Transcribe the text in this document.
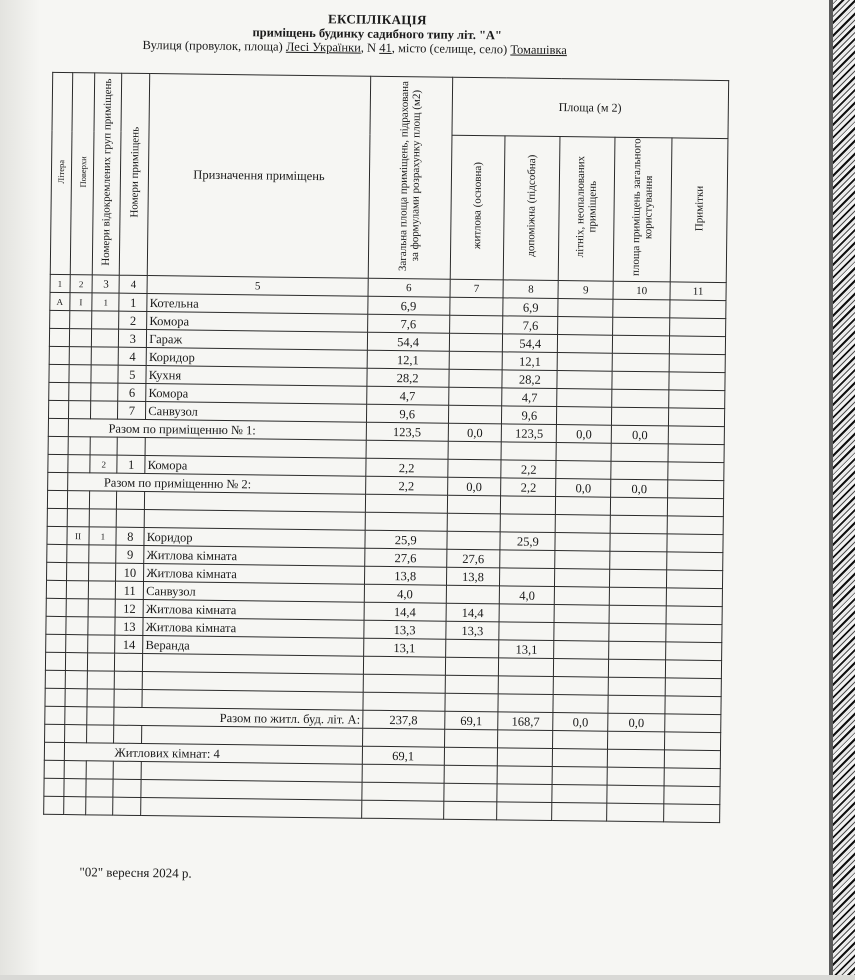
ЕКСПЛІКАЦІЯ
приміщень будинку садибного типу літ. "А"
Вулиця (провулок, площа) Лесі Українки, N 41, місто (селище, село) Томашівка
Літера	Поверхи	Номери відокремлених груп приміщень	Номери приміщень	Призначення приміщень	Загальна площа приміщень, підрахована за формулами розрахунку площ (м2)	Площа (м 2)			
						житлова (основна)	допоміжна (підсобна)	літніх, неопалюваних приміщень	площа приміщень загального користування	Примітки
1	2	3	4	5	6	7	8	9	10	11
А	I	1	1	Котельна	6,9		6,9			
			2	Комора	7,6		7,6			
			3	Гараж	54,4		54,4			
			4	Коридор	12,1		12,1			
			5	Кухня	28,2		28,2			
			6	Комора	4,7		4,7			
			7	Санвузол	9,6		9,6			
	Разом по приміщенню № 1:				123,5	0,0	123,5	0,0	0,0	

		2	1	Комора	2,2		2,2			
	Разом по приміщенню № 2:				2,2	0,0	2,2	0,0	0,0	

	II	1	8	Коридор	25,9		25,9			
			9	Житлова кімната	27,6	27,6				
			10	Житлова кімната	13,8	13,8				
			11	Санвузол	4,0		4,0			
			12	Житлова кімната	14,4	14,4				
			13	Житлова кімната	13,3	13,3				
			14	Веранда	13,1		13,1			

			Разом по житл. буд. літ. А:		237,8	69,1	168,7	0,0	0,0	

	Житлових кімнат: 4				69,1					

"02" вересня 2024 р.
